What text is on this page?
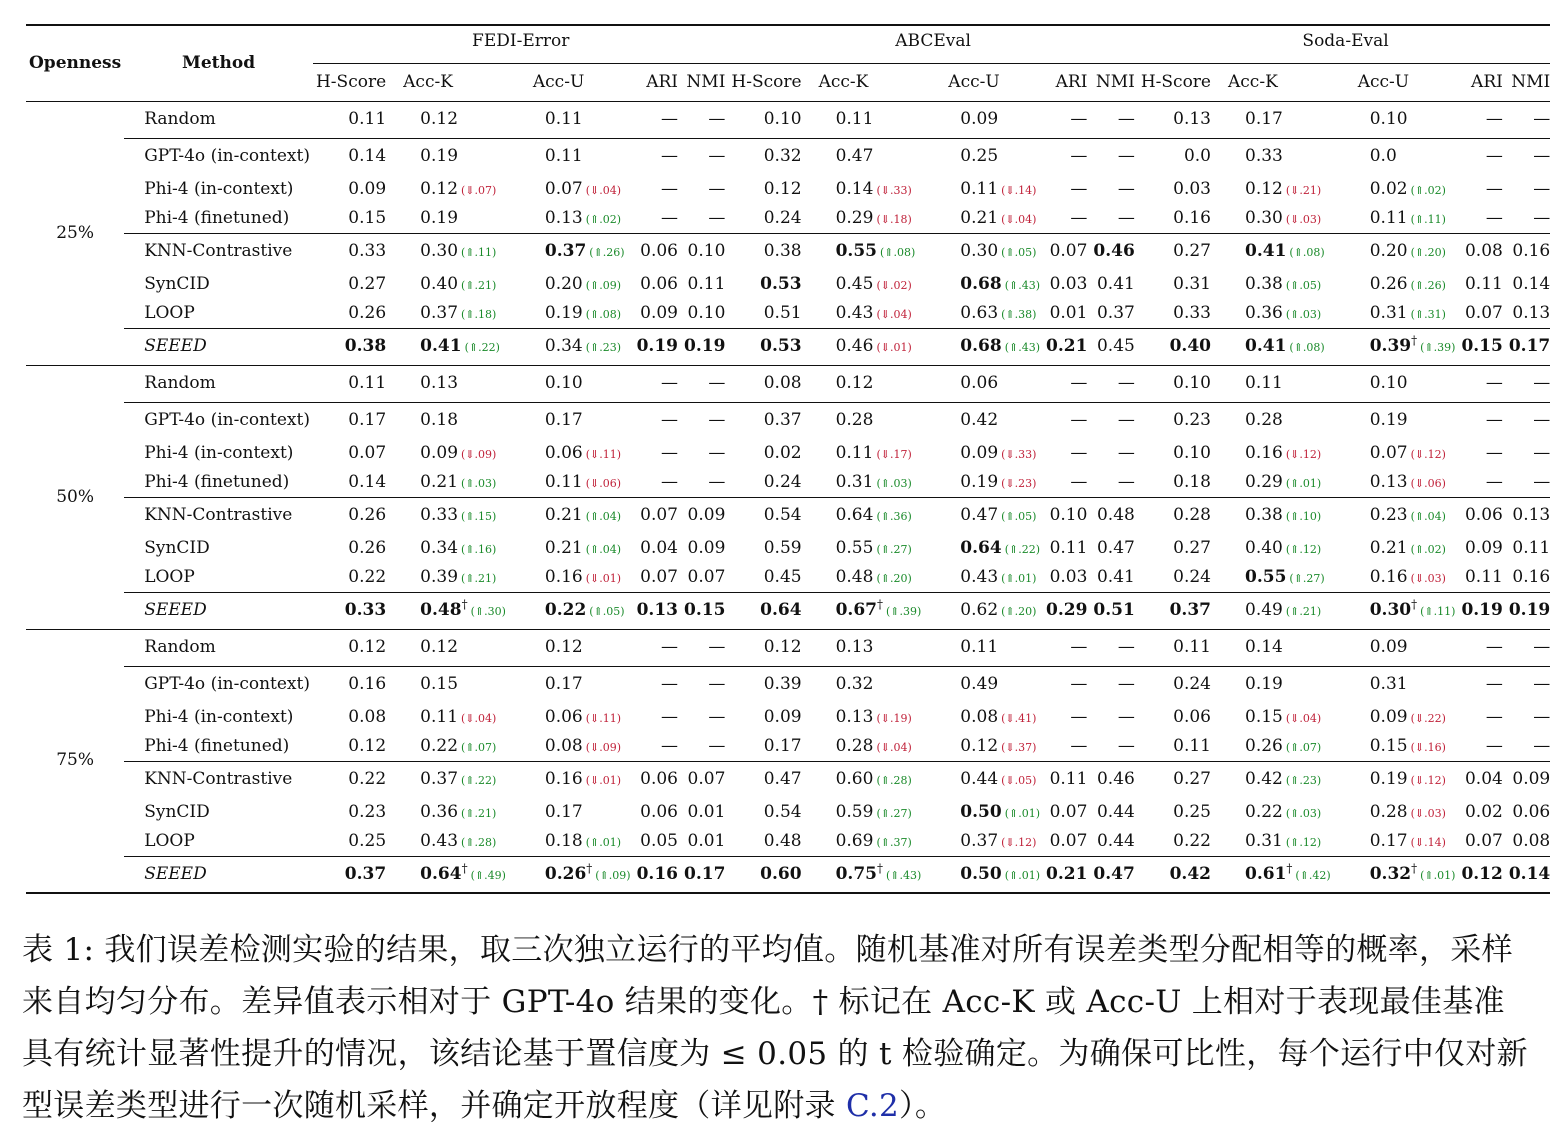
Openness	Method	FEDI-Error					ABCEval					Soda-Eval				
		H-Score	Acc-K	Acc-U	ARI	NMI	H-Score	Acc-K	Acc-U	ARI	NMI	H-Score	Acc-K	Acc-U	ARI	NMI
25%	Random	0.11	0.12	0.11	—	—	0.10	0.11	0.09	—	—	0.13	0.17	0.10	—	—
	GPT-4o (in-context)	0.14	0.19	0.11	—	—	0.32	0.47	0.25	—	—	0.0	0.33	0.0	—	—
	Phi-4 (in-context)	0.09	0.12 (⇓.07)	0.07 (⇓.04)	—	—	0.12	0.14 (⇓.33)	0.11 (⇓.14)	—	—	0.03	0.12 (⇓.21)	0.02 (⇑.02)	—	—
	Phi-4 (finetuned)	0.15	0.19	0.13 (⇑.02)	—	—	0.24	0.29 (⇓.18)	0.21 (⇓.04)	—	—	0.16	0.30 (⇓.03)	0.11 (⇑.11)	—	—
	KNN-Contrastive	0.33	0.30 (⇑.11)	0.37 (⇑.26)	0.06	0.10	0.38	0.55 (⇑.08)	0.30 (⇑.05)	0.07	0.46	0.27	0.41 (⇑.08)	0.20 (⇑.20)	0.08	0.16
	SynCID	0.27	0.40 (⇑.21)	0.20 (⇑.09)	0.06	0.11	0.53	0.45 (⇓.02)	0.68 (⇑.43)	0.03	0.41	0.31	0.38 (⇑.05)	0.26 (⇑.26)	0.11	0.14
	LOOP	0.26	0.37 (⇑.18)	0.19 (⇑.08)	0.09	0.10	0.51	0.43 (⇓.04)	0.63 (⇑.38)	0.01	0.37	0.33	0.36 (⇑.03)	0.31 (⇑.31)	0.07	0.13
	SEEED	0.38	0.41 (⇑.22)	0.34 (⇑.23)	0.19	0.19	0.53	0.46 (⇓.01)	0.68 (⇑.43)	0.21	0.45	0.40	0.41 (⇑.08)	0.39†(⇑.39)	0.15	0.17
50%	Random	0.11	0.13	0.10	—	—	0.08	0.12	0.06	—	—	0.10	0.11	0.10	—	—
	GPT-4o (in-context)	0.17	0.18	0.17	—	—	0.37	0.28	0.42	—	—	0.23	0.28	0.19	—	—
	Phi-4 (in-context)	0.07	0.09 (⇓.09)	0.06 (⇓.11)	—	—	0.02	0.11 (⇓.17)	0.09 (⇓.33)	—	—	0.10	0.16 (⇓.12)	0.07 (⇓.12)	—	—
	Phi-4 (finetuned)	0.14	0.21 (⇑.03)	0.11 (⇓.06)	—	—	0.24	0.31 (⇑.03)	0.19 (⇓.23)	—	—	0.18	0.29 (⇑.01)	0.13 (⇓.06)	—	—
	KNN-Contrastive	0.26	0.33 (⇑.15)	0.21 (⇑.04)	0.07	0.09	0.54	0.64 (⇑.36)	0.47 (⇑.05)	0.10	0.48	0.28	0.38 (⇑.10)	0.23 (⇑.04)	0.06	0.13
	SynCID	0.26	0.34 (⇑.16)	0.21 (⇑.04)	0.04	0.09	0.59	0.55 (⇑.27)	0.64 (⇑.22)	0.11	0.47	0.27	0.40 (⇑.12)	0.21 (⇑.02)	0.09	0.11
	LOOP	0.22	0.39 (⇑.21)	0.16 (⇓.01)	0.07	0.07	0.45	0.48 (⇑.20)	0.43 (⇑.01)	0.03	0.41	0.24	0.55 (⇑.27)	0.16 (⇓.03)	0.11	0.16
	SEEED	0.33	0.48†(⇑.30)	0.22 (⇑.05)	0.13	0.15	0.64	0.67†(⇑.39)	0.62 (⇑.20)	0.29	0.51	0.37	0.49 (⇑.21)	0.30†(⇑.11)	0.19	0.19
75%	Random	0.12	0.12	0.12	—	—	0.12	0.13	0.11	—	—	0.11	0.14	0.09	—	—
	GPT-4o (in-context)	0.16	0.15	0.17	—	—	0.39	0.32	0.49	—	—	0.24	0.19	0.31	—	—
	Phi-4 (in-context)	0.08	0.11 (⇓.04)	0.06 (⇓.11)	—	—	0.09	0.13 (⇓.19)	0.08 (⇓.41)	—	—	0.06	0.15 (⇓.04)	0.09 (⇓.22)	—	—
	Phi-4 (finetuned)	0.12	0.22 (⇑.07)	0.08 (⇓.09)	—	—	0.17	0.28 (⇓.04)	0.12 (⇓.37)	—	—	0.11	0.26 (⇑.07)	0.15 (⇓.16)	—	—
	KNN-Contrastive	0.22	0.37 (⇑.22)	0.16 (⇓.01)	0.06	0.07	0.47	0.60 (⇑.28)	0.44 (⇓.05)	0.11	0.46	0.27	0.42 (⇑.23)	0.19 (⇓.12)	0.04	0.09
	SynCID	0.23	0.36 (⇑.21)	0.17	0.06	0.01	0.54	0.59 (⇑.27)	0.50 (⇑.01)	0.07	0.44	0.25	0.22 (⇑.03)	0.28 (⇓.03)	0.02	0.06
	LOOP	0.25	0.43 (⇑.28)	0.18 (⇑.01)	0.05	0.01	0.48	0.69 (⇑.37)	0.37 (⇓.12)	0.07	0.44	0.22	0.31 (⇑.12)	0.17 (⇓.14)	0.07	0.08
	SEEED	0.37	0.64†(⇑.49)	0.26†(⇑.09)	0.16	0.17	0.60	0.75†(⇑.43)	0.50 (⇑.01)	0.21	0.47	0.42	0.61†(⇑.42)	0.32†(⇑.01)	0.12	0.14
表 1: 我们误差检测实验的结果，取三次独立运行的平均值。随机基准对所有误差类型分配相等的概率，采样来自均匀分布。差异值表示相对于 GPT-4o 结果的变化。† 标记在 Acc-K 或 Acc-U 上相对于表现最佳基准具有统计显著性提升的情况，该结论基于置信度为 ≤ 0.05 的 t 检验确定。为确保可比性，每个运行中仅对新型误差类型进行一次随机采样，并确定开放程度（详见附录 C.2）。
